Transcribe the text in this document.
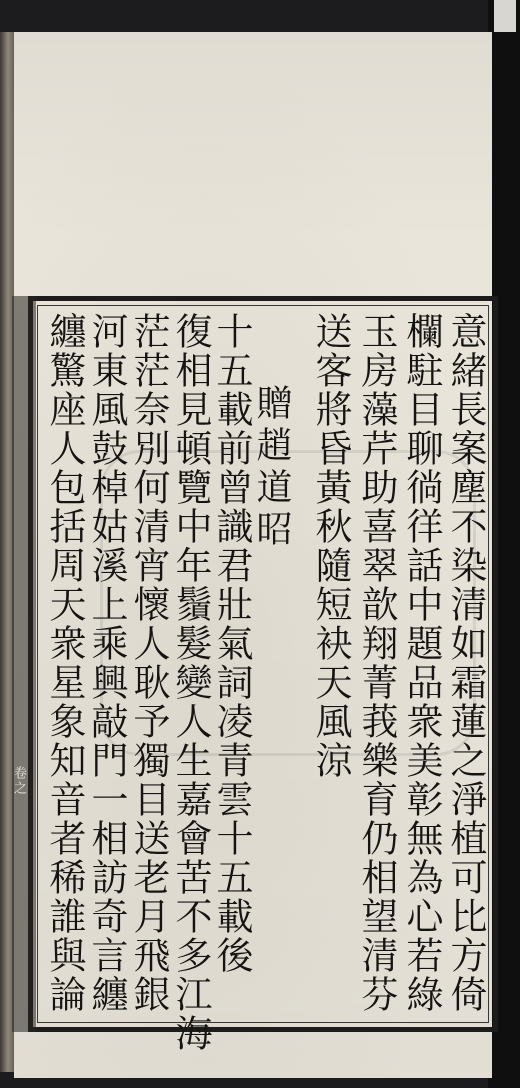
卷之	意緒長案塵不染清如霜蓮之淨植可比方倚
欄駐目聊徜徉話中題品衆美彰無為心若綠
玉房藻芹助喜翠歆翔菁莪樂育仍相望清芬
送客將昏黃秋隨短袂天風涼
贈趙道昭
十五載前曾識君壯氣詞凌青雲十五載後
復相見頓覽中年鬚髮變人生嘉會苦不多江海
茫茫奈別何清宵懷人耿予獨目送老月飛銀
河東風鼓棹姑溪上乘興敲門一相訪奇言纏
纏驚座人包括周天衆星象知音者稀誰與論
